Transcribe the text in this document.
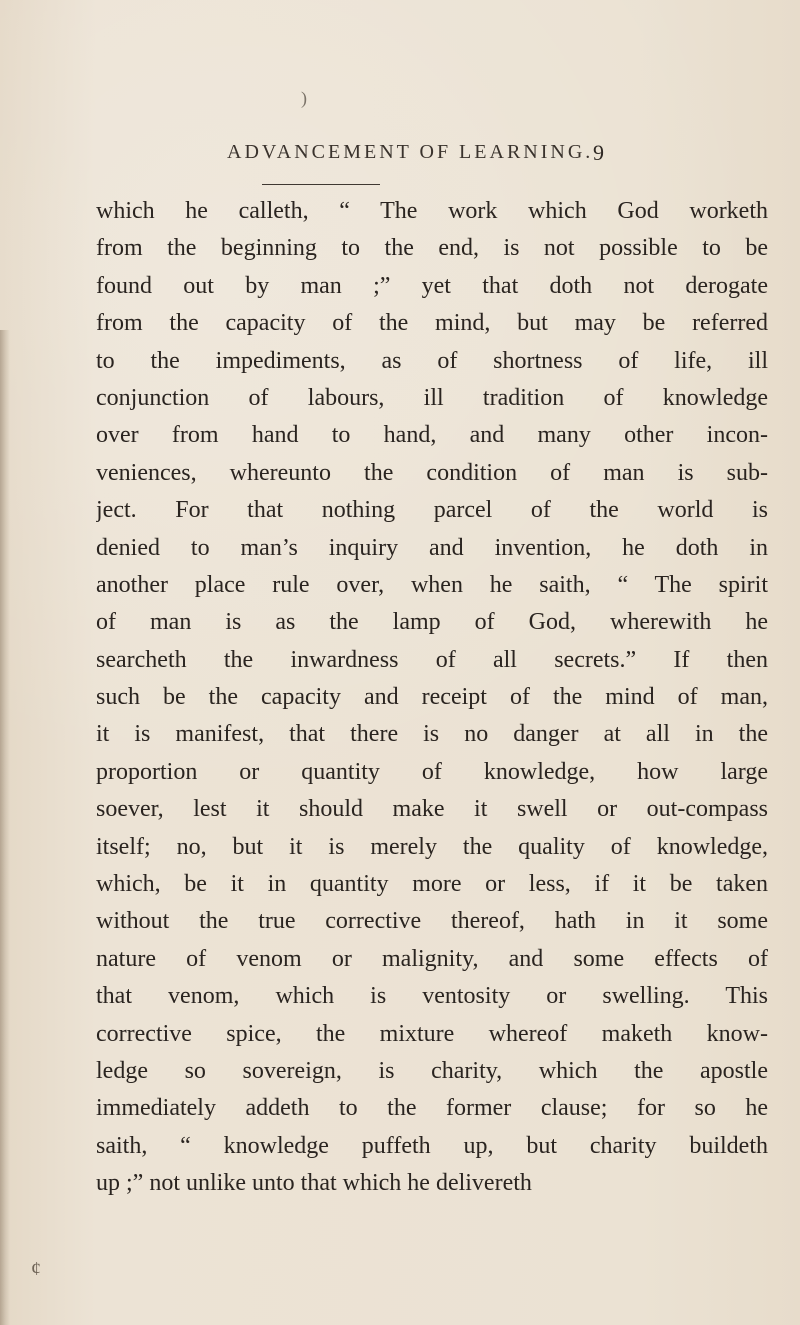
)
ADVANCEMENT OF LEARNING. 9
which he calleth, “ The work which God worketh
from the beginning to the end, is not possible to be
found out by man ;” yet that doth not derogate
from the capacity of the mind, but may be referred
to the impediments, as of shortness of life, ill
conjunction of labours, ill tradition of knowledge
over from hand to hand, and many other incon-
veniences, whereunto the condition of man is sub-
ject. For that nothing parcel of the world is
denied to man’s inquiry and invention, he doth in
another place rule over, when he saith, “ The spirit
of man is as the lamp of God, wherewith he
searcheth the inwardness of all secrets.” If then
such be the capacity and receipt of the mind of man,
it is manifest, that there is no danger at all in the
proportion or quantity of knowledge, how large
soever, lest it should make it swell or out-compass
itself; no, but it is merely the quality of knowledge,
which, be it in quantity more or less, if it be taken
without the true corrective thereof, hath in it some
nature of venom or malignity, and some effects of
that venom, which is ventosity or swelling. This
corrective spice, the mixture whereof maketh know-
ledge so sovereign, is charity, which the apostle
immediately addeth to the former clause; for so he
saith, “ knowledge puffeth up, but charity buildeth
up ;” not unlike unto that which he delivereth
¢
